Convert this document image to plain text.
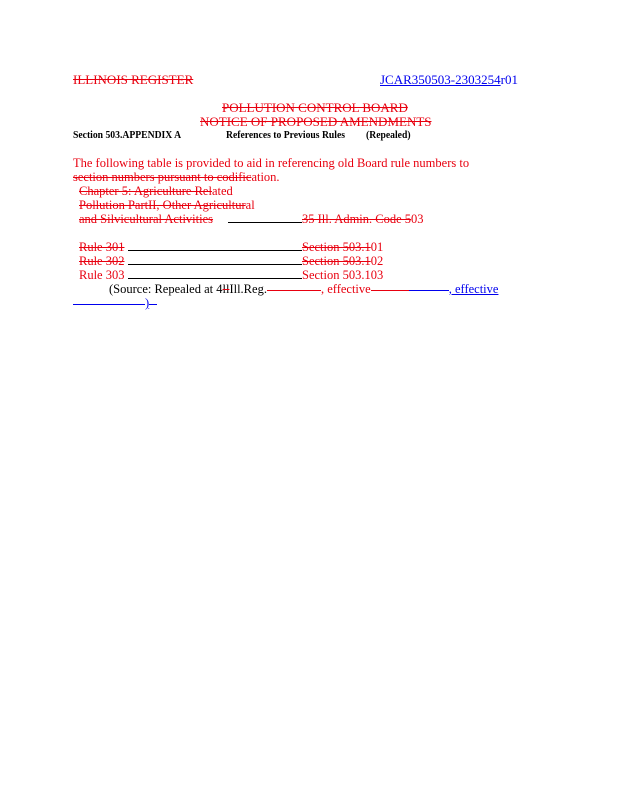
ILLINOIS REGISTER	JCAR350503-2303254r01
POLLUTION CONTROL BOARD
NOTICE OF PROPOSED AMENDMENTS
Section 503.APPENDIX A	References to Previous Rules (Repealed)
The following table is provided to aid in referencing old Board rule numbers to
section numbers pursuant to codification.
Chapter 5: Agriculture Related
Pollution PartII, Other Agricultural
and Silvicultural Activities	35 Ill. Admin. Code 503
Rule 301	Section 503.101
Rule 302	Section 503.102
Rule 303	Section 503.103
(Source: Repealed at 4llIll.Reg.	, effective	, effective
)
